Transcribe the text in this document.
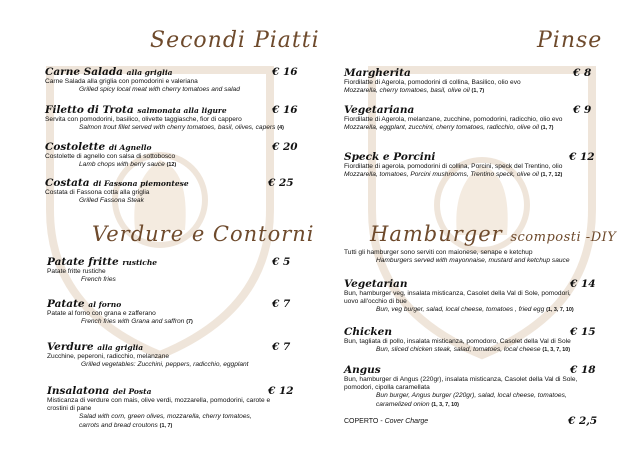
Secondi Piatti
Carne Salada alla griglia
Carne Salada alla griglia con pomodorini e valeriana
Grilled spicy local meat with cherry tomatoes and salad
€ 16
Filetto di Trota salmonata alla ligure
Servita con pomodorini, basilico, olivette taggiasche, fior di cappero
Salmon trout fillet served with cherry tomatoes, basil, olives, capers (4)
€ 16
Costolette di Agnello
Costolette di agnello con salsa di sottobosco
Lamb chops with berry sauce (12)
€ 20
Costata di Fassona piemontese
Costata di Fassona cotta alla griglia
Grilled Fassona Steak
€ 25
Verdure e Contorni
Patate fritte rustiche
Patate fritte rustiche
French fries
€ 5
Patate al forno
Patate al forno con grana e zafferano
French fries with Grana and saffron (7)
€ 7
Verdure alla griglia
Zucchine, peperoni, radicchio, melanzane
Grilled vegetables: Zucchini, peppers, radicchio, eggplant
€ 7
Insalatona del Posta
Misticanza di verdure con mais, olive verdi, mozzarella, pomodorini, carote e
crostini di pane
Salad with corn, green olives, mozzarella, cherry tomatoes,
carrots and bread croutons (1, 7)
€ 12
Pinse
Margherita
Fiordilatte di Agerola, pomodorini di collina, Basilico, olio evo
Mozzarella, cherry tomatoes, basil, olive oil (1, 7)
€ 8
Vegetariana
Fiordilatte di Agerola, melanzane, zucchine, pomodorini, radicchio, olio evo
Mozzarella, eggplant, zucchini, cherry tomatoes, radicchio, olive oil (1, 7)
€ 9
Speck e Porcini
Fiordilatte di agerola, pomodorini di collina, Porcini, speck del Trentino, olio
Mozzarella, tomatoes, Porcini mushrooms, Trentino speck, olive oil (1, 7, 12)
€ 12
Hamburger scomposti -DIY
Tutti gli hamburger sono serviti con maionese, senape e ketchup
Hamburgers served with mayonnaise, mustard and ketchup sauce
Vegetarian
Bun, hamburger veg, insalata misticanza, Casolet della Val di Sole, pomodori,
uovo all'occhio di bue
Bun, veg burger, salad, local cheese, tomatoes , fried egg (1, 3, 7, 10)
€ 14
Chicken
Bun, tagliata di pollo, insalata misticanza, pomodoro, Casolet della Val di Sole
Bun, sliced chicken steak, salad, tomatoes, local cheese (1, 3, 7, 10)
€ 15
Angus
Bun, hamburger di Angus (220gr), insalata misticanza, Casolet della Val di Sole,
pomodori, cipolla caramellata
Bun burger, Angus burger (220gr), salad, local cheese, tomatoes,
caramelized onion (1, 3, 7, 10)
€ 18
COPERTO - Cover Charge	€ 2,5
